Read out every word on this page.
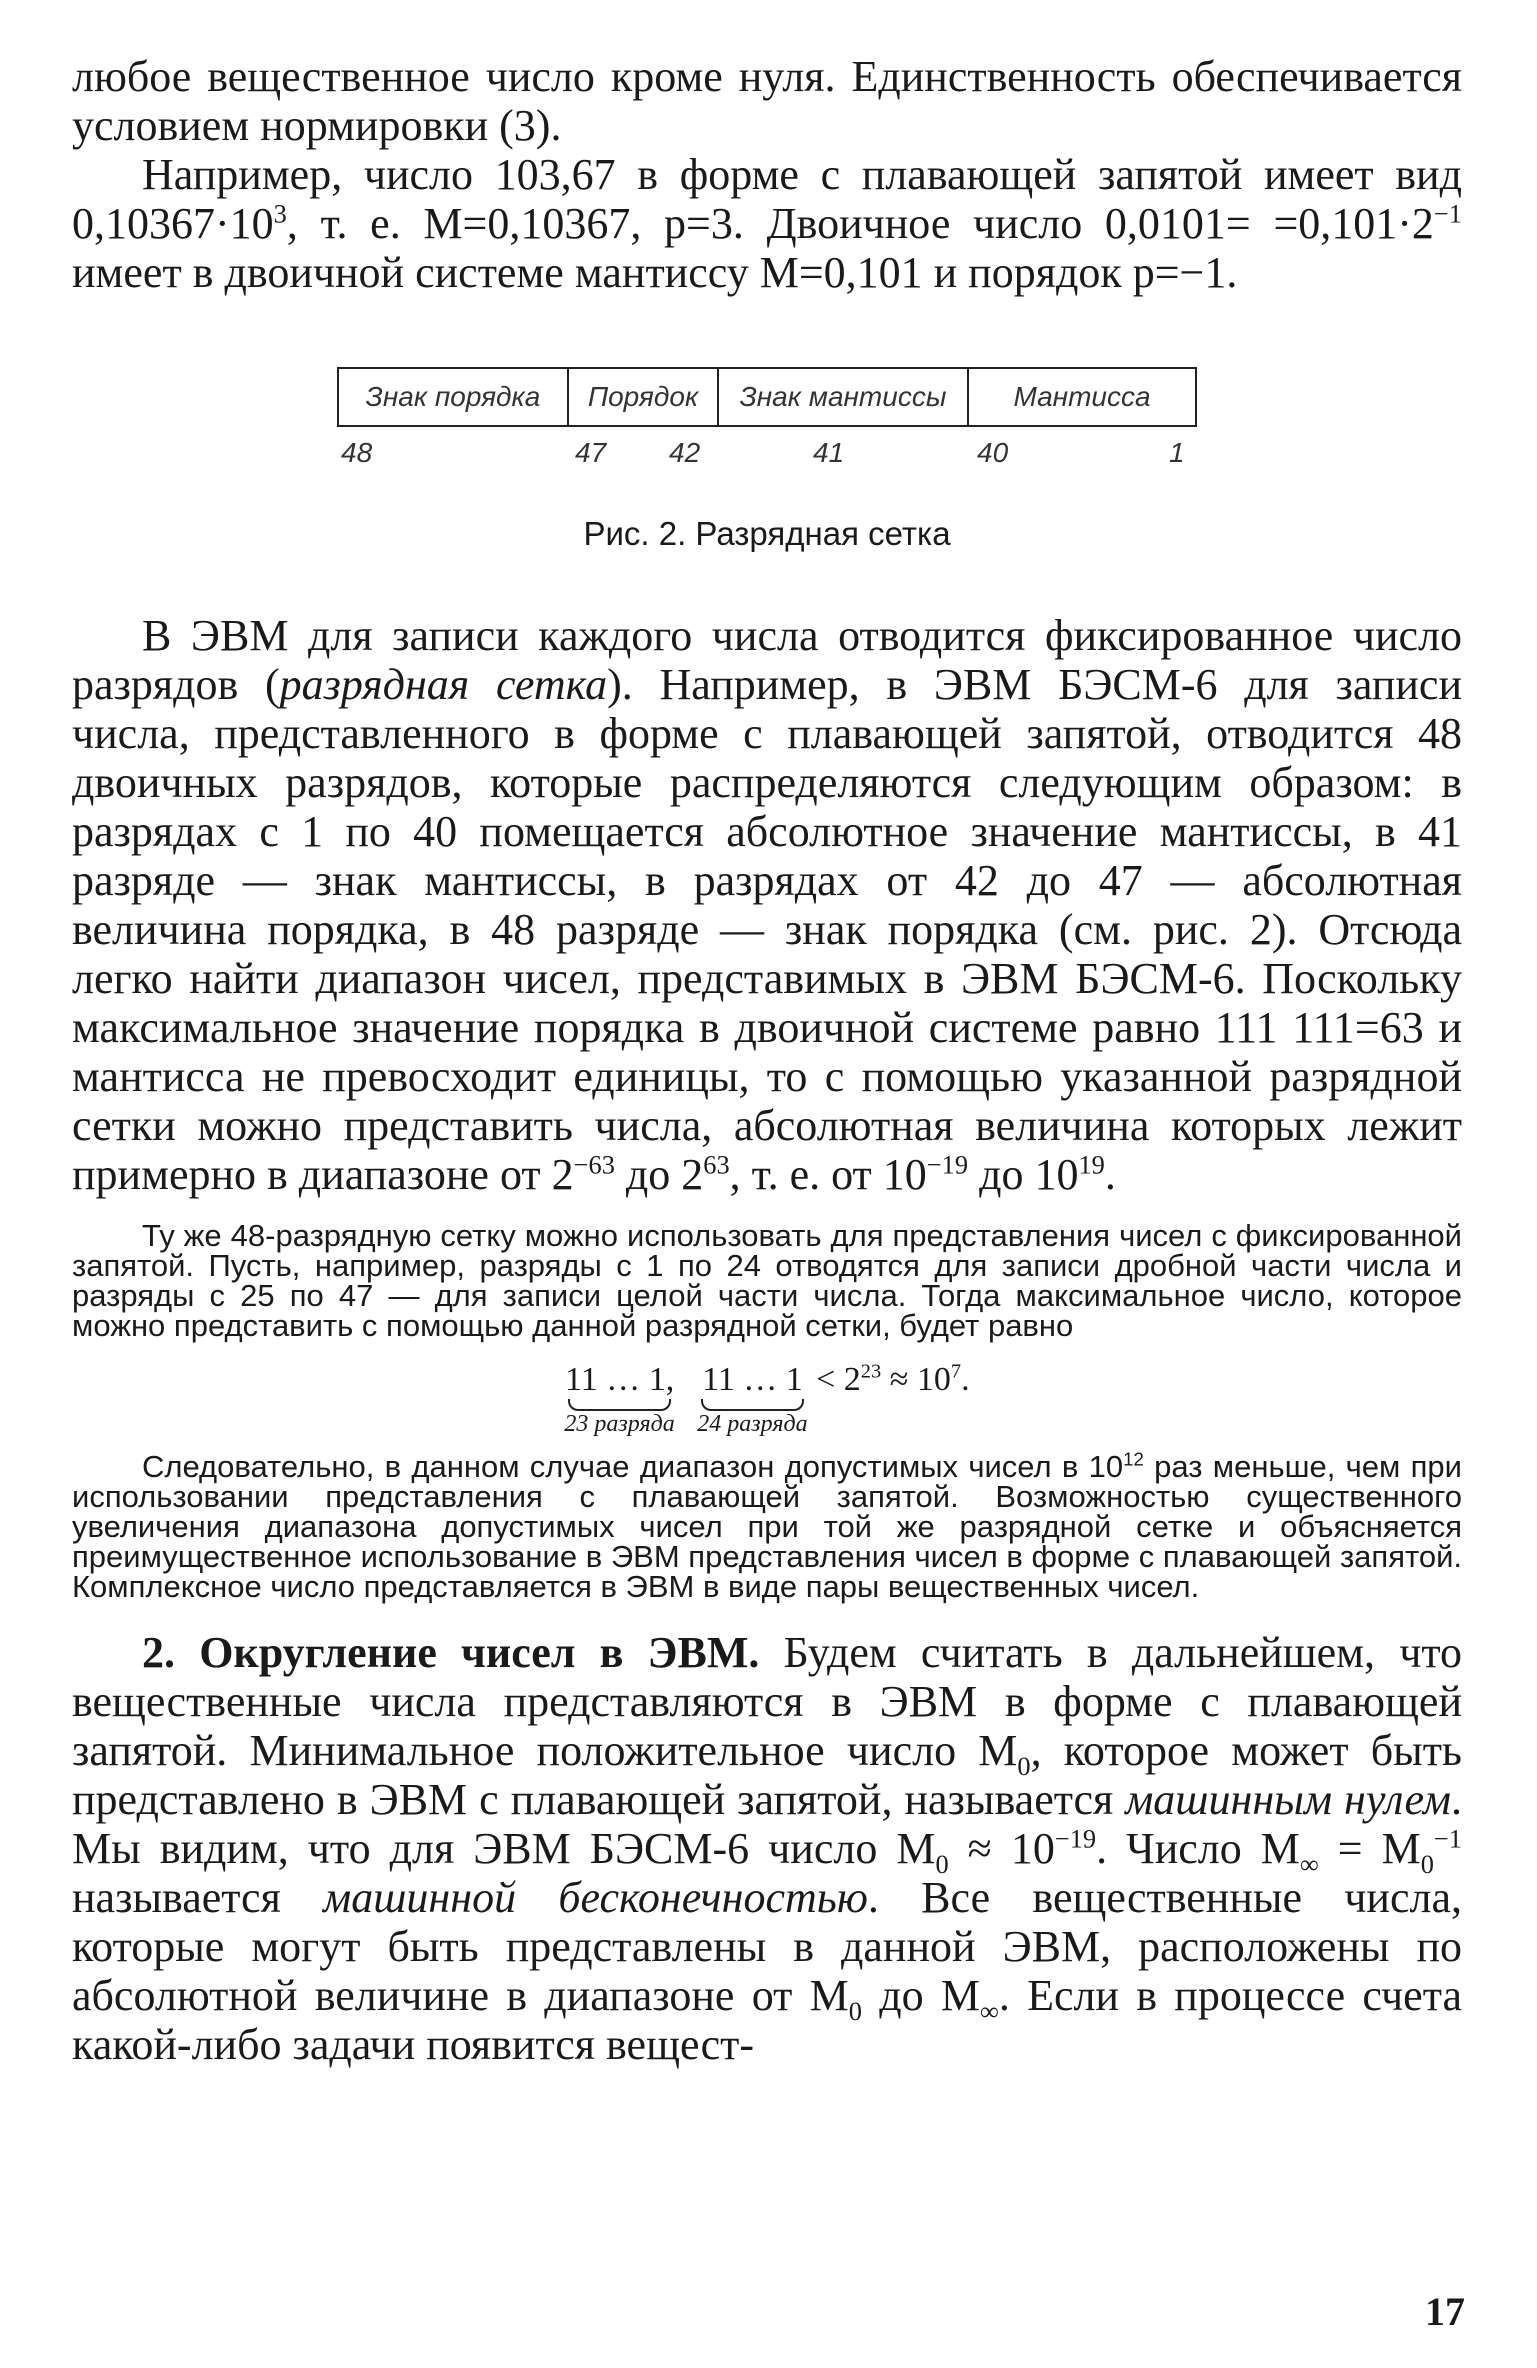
любое вещественное число кроме нуля. Единственность обеспечивается условием нормировки (3).

Например, число 103,67 в форме с плавающей запятой имеет вид $0,10367\cdot 10^3$, т. е. M=0,10367, p=3. Двоичное число $0,0101= =0,101\cdot 2^{-1}$ имеет в двоичной системе мантиссу M=0,101 и порядок p=−1.

Знак порядка	Порядок	Знак мантиссы	Мантисса
48	47 42	41	40	1
Рис. 2. Разрядная сетка

В ЭВМ для записи каждого числа отводится фиксированное число разрядов (разрядная сетка). Например, в ЭВМ БЭСМ-6 для записи числа, представленного в форме с плавающей запятой, отводится 48 двоичных разрядов, которые распределяются следующим образом: в разрядах с 1 по 40 помещается абсолютное значение мантиссы, в 41 разряде — знак мантиссы, в разрядах от 42 до 47 — абсолютная величина порядка, в 48 разряде — знак порядка (см. рис. 2). Отсюда легко найти диапазон чисел, представимых в ЭВМ БЭСМ-6. Поскольку максимальное значение порядка в двоичной системе равно 111 111=63 и мантисса не превосходит единицы, то с помощью указанной разрядной сетки можно представить числа, абсолютная величина которых лежит примерно в диапазоне от $2^{-63}$ до $2^{63}$, т. е. от $10^{-19}$ до $10^{19}$.

Ту же 48-разрядную сетку можно использовать для представления чисел с фиксированной запятой. Пусть, например, разряды с 1 по 24 отводятся для записи дробной части числа и разряды с 25 по 47 — для записи целой части числа. Тогда максимальное число, которое можно представить с помощью данной разрядной сетки, будет равно

11 … 1,
23 разряда
11 … 1
24 разряда
< $2^{23} \approx 10^7$.

Следовательно, в данном случае диапазон допустимых чисел в $10^{12}$ раз меньше, чем при использовании представления с плавающей запятой. Возможностью существенного увеличения диапазона допустимых чисел при той же разрядной сетке и объясняется преимущественное использование в ЭВМ представления чисел в форме с плавающей запятой. Комплексное число представляется в ЭВМ в виде пары вещественных чисел.

2. Округление чисел в ЭВМ. Будем считать в дальнейшем, что вещественные числа представляются в ЭВМ в форме с плавающей запятой. Минимальное положительное число $M_0$, которое может быть представлено в ЭВМ с плавающей запятой, называется машинным нулем. Мы видим, что для ЭВМ БЭСМ-6 число $M_0 \approx 10^{-19}$. Число $M_\infty = M_0^{-1}$ называется машинной бесконечностью. Все вещественные числа, которые могут быть представлены в данной ЭВМ, расположены по абсолютной величине в диапазоне от $M_0$ до $M_\infty$. Если в процессе счета какой-либо задачи появится вещест-

17
